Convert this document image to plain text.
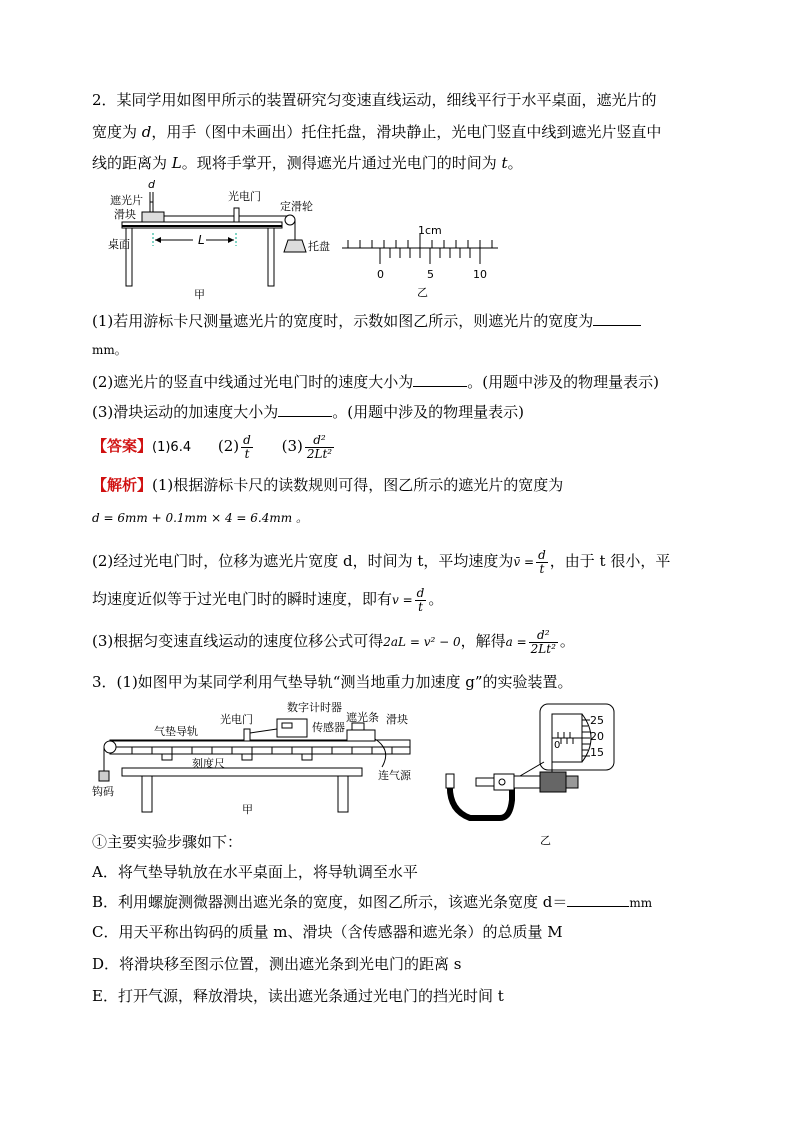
2．某同学用如图甲所示的装置研究匀变速直线运动，细线平行于水平桌面，遮光片的
宽度为 d，用手（图中未画出）托住托盘，滑块静止，光电门竖直中线到遮光片竖直中
线的距离为 L。现将手掌开，测得遮光片通过光电门的时间为 t。
L
d
遮光片
滑块
光电门
定滑轮
桌面	托盘
甲
1cm
0	5	10
乙
(1)若用游标卡尺测量遮光片的宽度时，示数如图乙所示，则遮光片的宽度为
mm。
(2)遮光片的竖直中线通过光电门时的速度大小为	。(用题中涉及的物理量表示)
(3)滑块运动的加速度大小为	。(用题中涉及的物理量表示)
【答案】(1)6.4 $(2) \frac{d}{t} (3) \frac{\text{d²}}{\text{2Lt²}}$
【解析】(1)根据游标卡尺的读数规则可得，图乙所示的遮光片的宽度为
d = 6mm + 0.1mm × 4 = 6.4mm 。
(2)经过光电门时，位移为遮光片宽度 d，时间为 t，平均速度为v̄ = $\frac{d}{t}$ ，由于 t 很小，平
均速度近似等于过光电门时的瞬时速度，即有$v = \frac{d}{t}$ 。
(3)根据匀变速直线运动的速度位移公式可得2aL = v² − 0，解得$a = \frac{\text{d²}}{\text{2Lt²}}$ 。
3．(1)如图甲为某同学利用气垫导轨“测当地重力加速度 g”的实验装置。
数字计时器
光电门
气垫导轨	传感器
遮光条 滑块
刻度尺
连气源
钩码
甲
25
20
15
0
乙
①主要实验步骤如下：
A．将气垫导轨放在水平桌面上，将导轨调至水平
B．利用螺旋测微器测出遮光条的宽度，如图乙所示，该遮光条宽度 d＝	mm
C．用天平称出钩码的质量 m、滑块（含传感器和遮光条）的总质量 M
D．将滑块移至图示位置，测出遮光条到光电门的距离 s
E．打开气源，释放滑块，读出遮光条通过光电门的挡光时间 t
